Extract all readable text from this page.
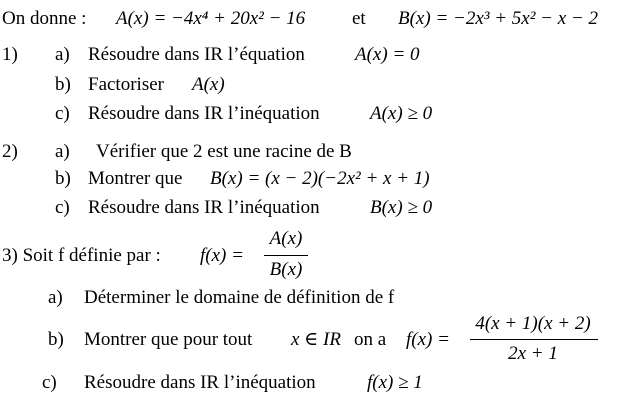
On donne : A(x) = −4x⁴ + 20x² − 16 et B(x) = −2x³ + 5x² − x − 2
1) a) Résoudre dans IR l’équation	A(x) = 0
b) Factoriser A(x)
c) Résoudre dans IR l’inéquation	A(x) ≥ 0
2) a) Vérifier que 2 est une racine de B
b) Montrer que B(x) = (x − 2)(−2x² + x + 1)
c) Résoudre dans IR l’inéquation	B(x) ≥ 0
3) Soit f définie par : f(x) =
A(x)
B(x)
a) Déterminer le domaine de définition de f
b) Montrer que pour tout x ∈ IR on a f(x) =
4(x + 1)(x + 2)
2x + 1
c) Résoudre dans IR l’inéquation	f(x) ≥ 1
